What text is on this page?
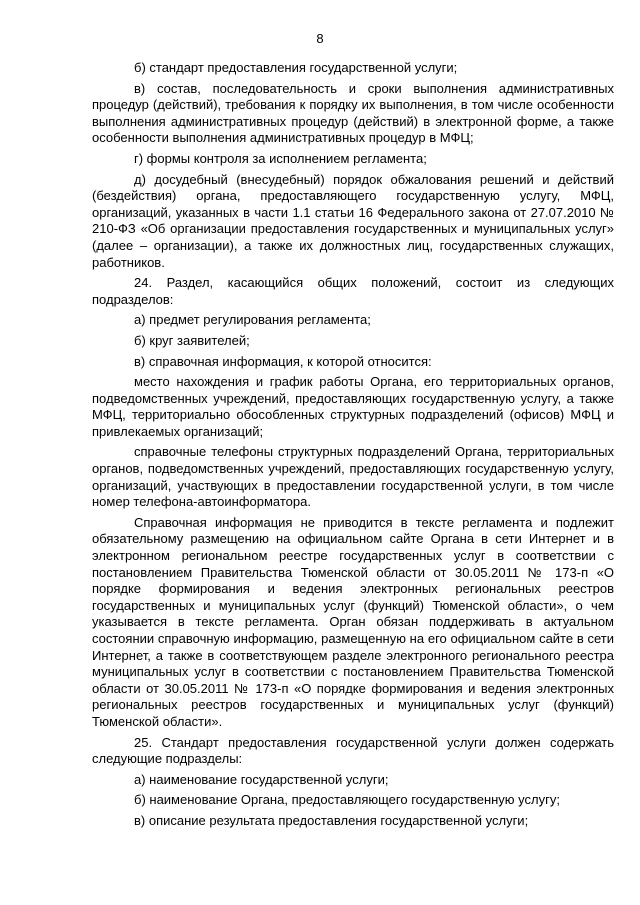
8

б) стандарт предоставления государственной услуги;

в) состав, последовательность и сроки выполнения административных процедур (действий), требования к порядку их выполнения, в том числе особенности выполнения административных процедур (действий) в электронной форме, а также особенности выполнения административных процедур в МФЦ;

г) формы контроля за исполнением регламента;

д) досудебный (внесудебный) порядок обжалования решений и действий (бездействия) органа, предоставляющего государственную услугу, МФЦ, организаций, указанных в части 1.1 статьи 16 Федерального закона от 27.07.2010 № 210-ФЗ «Об организации предоставления государственных и муниципальных услуг» (далее – организации), а также их должностных лиц, государственных служащих, работников.

24. Раздел, касающийся общих положений, состоит из следующих подразделов:

а) предмет регулирования регламента;

б) круг заявителей;

в) справочная информация, к которой относится:

место нахождения и график работы Органа, его территориальных органов, подведомственных учреждений, предоставляющих государственную услугу, а также МФЦ, территориально обособленных структурных подразделений (офисов) МФЦ и привлекаемых организаций;

справочные телефоны структурных подразделений Органа, территориальных органов, подведомственных учреждений, предоставляющих государственную услугу, организаций, участвующих в предоставлении государственной услуги, в том числе номер телефона-автоинформатора.

Справочная информация не приводится в тексте регламента и подлежит обязательному размещению на официальном сайте Органа в сети Интернет и в электронном региональном реестре государственных услуг в соответствии с постановлением Правительства Тюменской области от 30.05.2011 № 173-п «О порядке формирования и ведения электронных региональных реестров государственных и муниципальных услуг (функций) Тюменской области», о чем указывается в тексте регламента. Орган обязан поддерживать в актуальном состоянии справочную информацию, размещенную на его официальном сайте в сети Интернет, а также в соответствующем разделе электронного регионального реестра муниципальных услуг в соответствии с постановлением Правительства Тюменской области от 30.05.2011 № 173-п «О порядке формирования и ведения электронных региональных реестров государственных и муниципальных услуг (функций) Тюменской области».

25. Стандарт предоставления государственной услуги должен содержать следующие подразделы:

а) наименование государственной услуги;

б) наименование Органа, предоставляющего государственную услугу;

в) описание результата предоставления государственной услуги;
